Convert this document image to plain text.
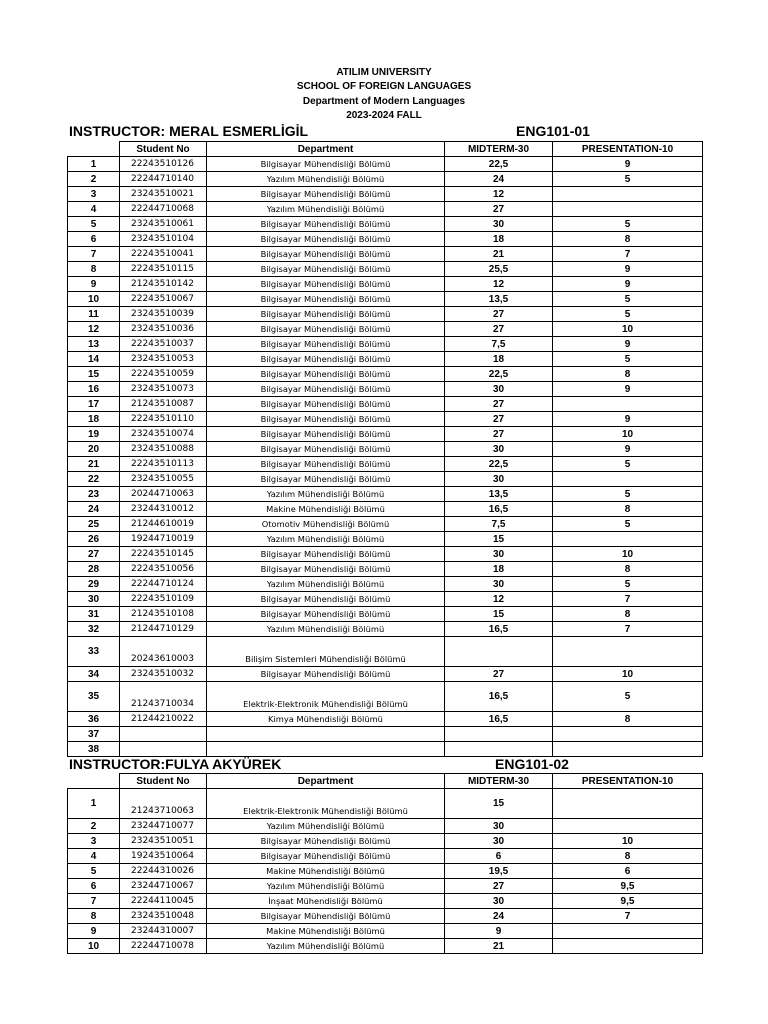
ATILIM UNIVERSITY
SCHOOL OF FOREIGN LANGUAGES
Department of Modern Languages
2023-2024 FALL
INSTRUCTOR: MERAL ESMERLİGİL	ENG101-01
	Student No	Department	MIDTERM-30	PRESENTATION-10
1	22243510126	Bilgisayar Mühendisliği Bölümü	22,5	9
2	22244710140	Yazılım Mühendisliği Bölümü	24	5
3	23243510021	Bilgisayar Mühendisliği Bölümü	12	
4	22244710068	Yazılım Mühendisliği Bölümü	27	
5	23243510061	Bilgisayar Mühendisliği Bölümü	30	5
6	23243510104	Bilgisayar Mühendisliği Bölümü	18	8
7	22243510041	Bilgisayar Mühendisliği Bölümü	21	7
8	22243510115	Bilgisayar Mühendisliği Bölümü	25,5	9
9	21243510142	Bilgisayar Mühendisliği Bölümü	12	9
10	22243510067	Bilgisayar Mühendisliği Bölümü	13,5	5
11	23243510039	Bilgisayar Mühendisliği Bölümü	27	5
12	23243510036	Bilgisayar Mühendisliği Bölümü	27	10
13	22243510037	Bilgisayar Mühendisliği Bölümü	7,5	9
14	23243510053	Bilgisayar Mühendisliği Bölümü	18	5
15	22243510059	Bilgisayar Mühendisliği Bölümü	22,5	8
16	23243510073	Bilgisayar Mühendisliği Bölümü	30	9
17	21243510087	Bilgisayar Mühendisliği Bölümü	27	
18	22243510110	Bilgisayar Mühendisliği Bölümü	27	9
19	23243510074	Bilgisayar Mühendisliği Bölümü	27	10
20	23243510088	Bilgisayar Mühendisliği Bölümü	30	9
21	22243510113	Bilgisayar Mühendisliği Bölümü	22,5	5
22	23243510055	Bilgisayar Mühendisliği Bölümü	30	
23	20244710063	Yazılım Mühendisliği Bölümü	13,5	5
24	23244310012	Makine Mühendisliği Bölümü	16,5	8
25	21244610019	Otomotiv Mühendisliği Bölümü	7,5	5
26	19244710019	Yazılım Mühendisliği Bölümü	15	
27	22243510145	Bilgisayar Mühendisliği Bölümü	30	10
28	22243510056	Bilgisayar Mühendisliği Bölümü	18	8
29	22244710124	Yazılım Mühendisliği Bölümü	30	5
30	22243510109	Bilgisayar Mühendisliği Bölümü	12	7
31	21243510108	Bilgisayar Mühendisliği Bölümü	15	8
32	21244710129	Yazılım Mühendisliği Bölümü	16,5	7
33	20243610003	Bilişim Sistemleri Mühendisliği Bölümü		
34	23243510032	Bilgisayar Mühendisliği Bölümü	27	10
35	21243710034	Elektrik-Elektronik Mühendisliği Bölümü	16,5	5
36	21244210022	Kimya Mühendisliği Bölümü	16,5	8
37				
38				
INSTRUCTOR:FULYA AKYÜREK	ENG101-02
	Student No	Department	MIDTERM-30	PRESENTATION-10
1	21243710063	Elektrik-Elektronik Mühendisliği Bölümü	15	
2	23244710077	Yazılım Mühendisliği Bölümü	30	
3	23243510051	Bilgisayar Mühendisliği Bölümü	30	10
4	19243510064	Bilgisayar Mühendisliği Bölümü	6	8
5	22244310026	Makine Mühendisliği Bölümü	19,5	6
6	23244710067	Yazılım Mühendisliği Bölümü	27	9,5
7	22244110045	İnşaat Mühendisliği Bölümü	30	9,5
8	23243510048	Bilgisayar Mühendisliği Bölümü	24	7
9	23244310007	Makine Mühendisliği Bölümü	9	
10	22244710078	Yazılım Mühendisliği Bölümü	21	
